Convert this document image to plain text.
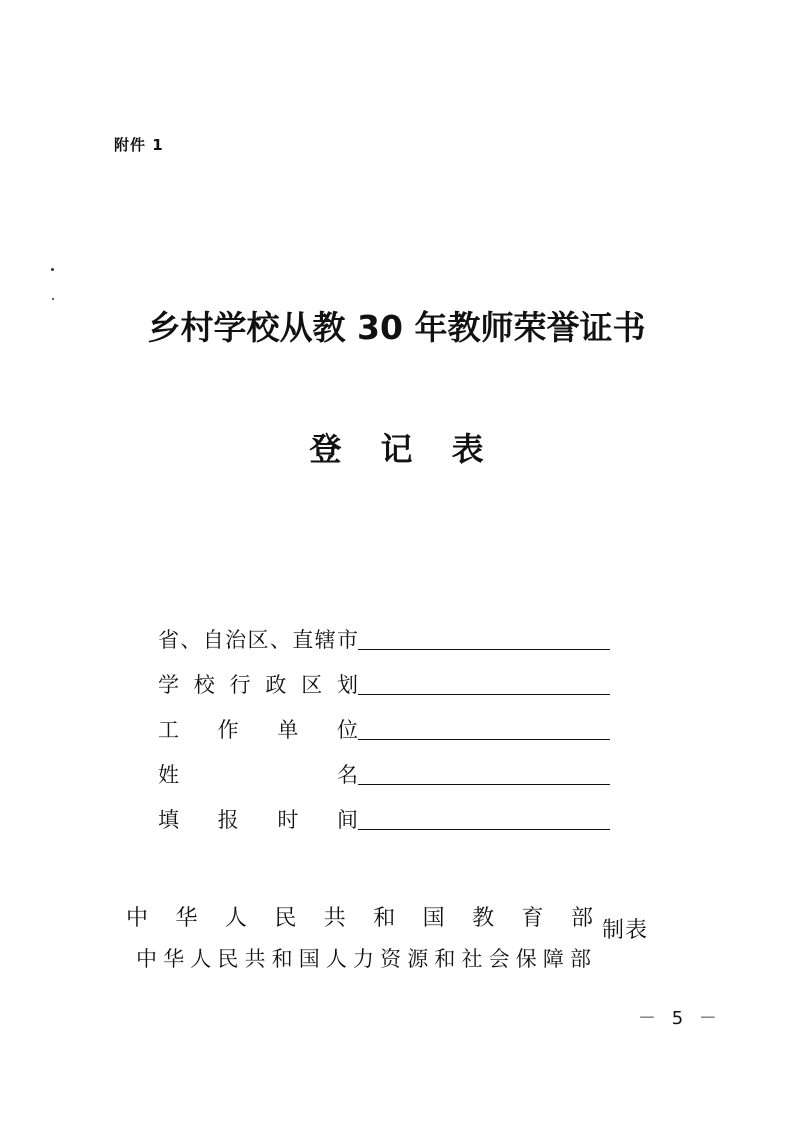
附件 1
乡村学校从教 30 年教师荣誉证书
登 记 表
省 、 自 治 区 、 直 辖 市
学 校 行 政 区 划
工 作 单 位
姓	名
填 报 时 间
中 华 人 民 共 和 国 教 育 部
中 华 人 民 共 和 国 人 力 资 源 和 社 会 保 障 部
制表
－ 5 －
